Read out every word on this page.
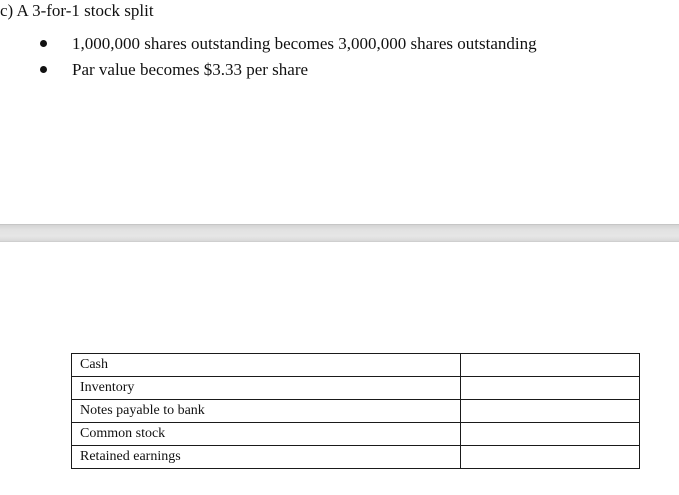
c) A 3-for-1 stock split
1,000,000 shares outstanding becomes 3,000,000 shares outstanding
Par value becomes $3.33 per share
Cash	
Inventory	
Notes payable to bank	
Common stock	
Retained earnings	
